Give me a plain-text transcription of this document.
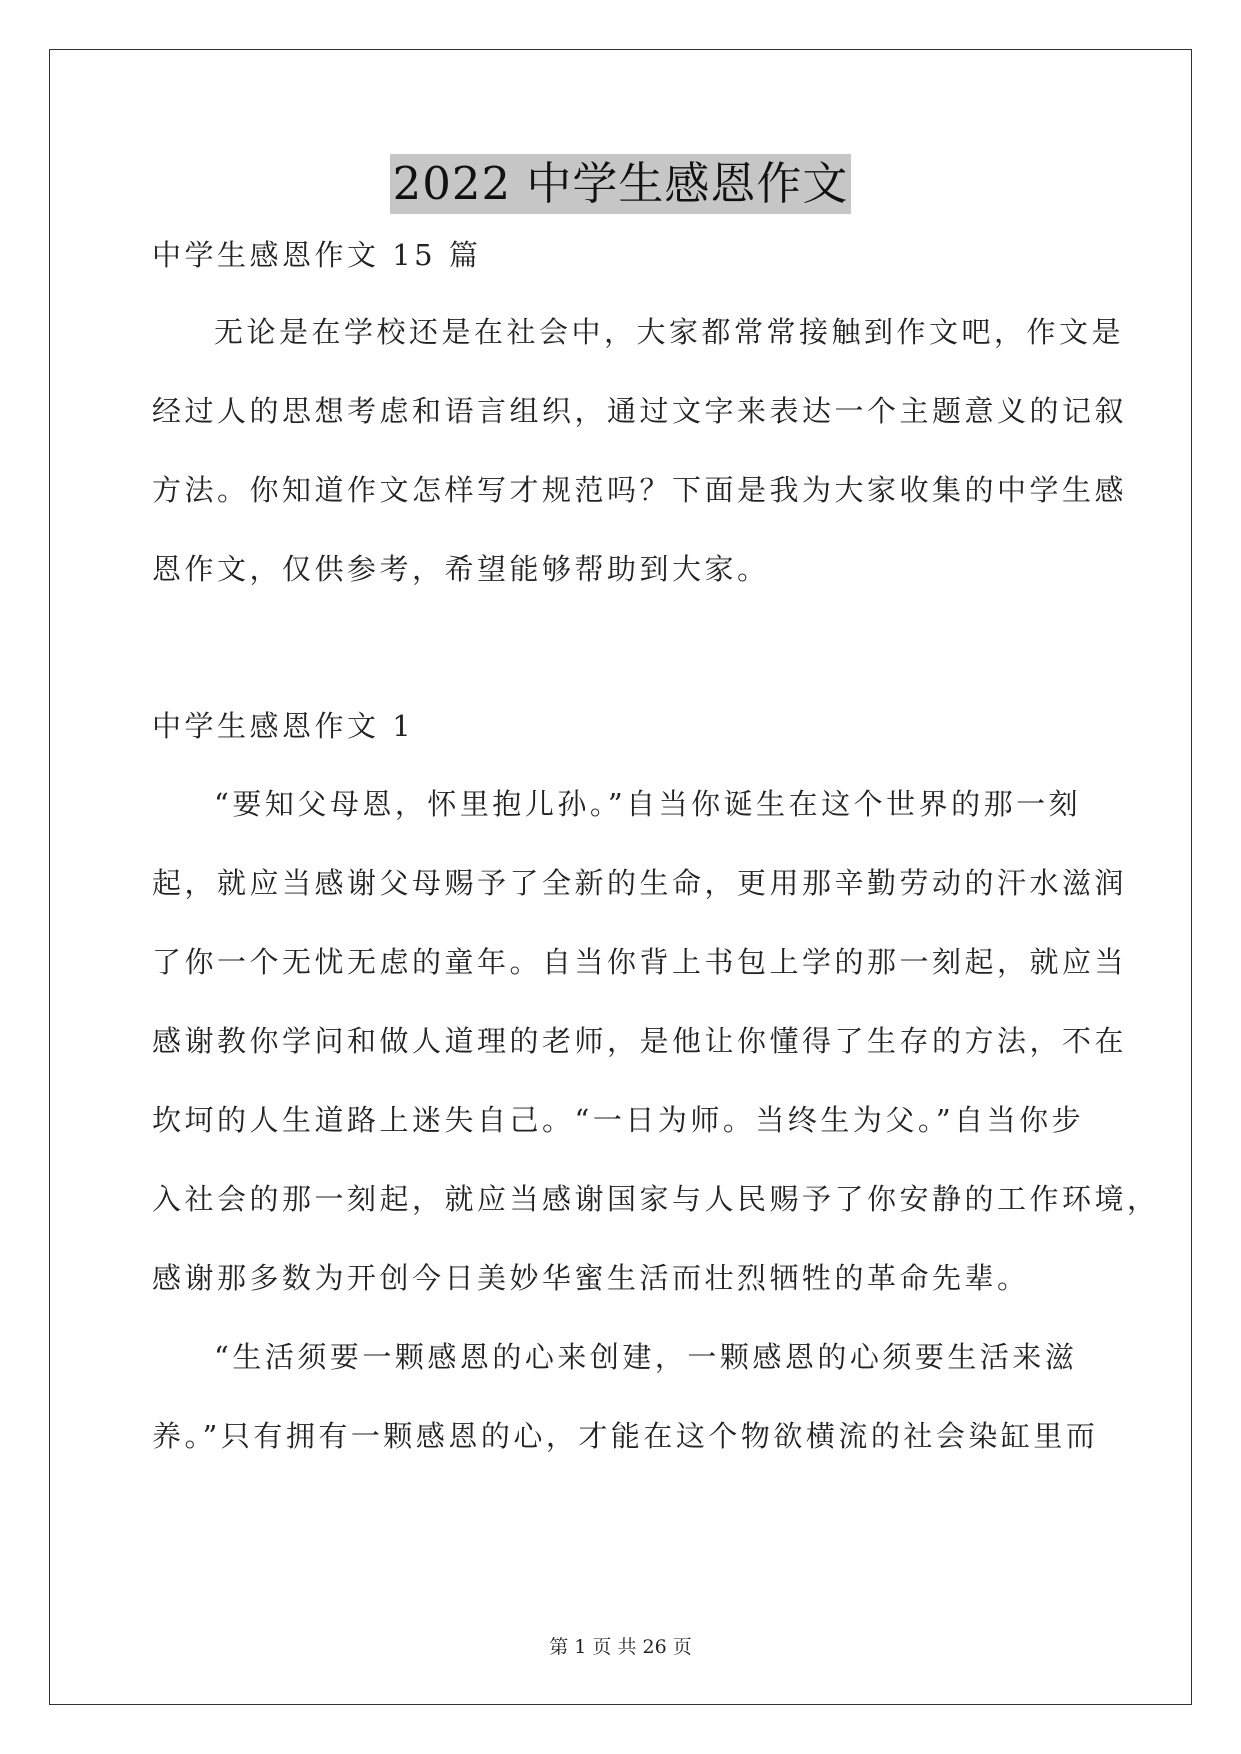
2022 中学生感恩作文

中学生感恩作文 15 篇

无论是在学校还是在社会中，大家都常常接触到作文吧，作文是

经过人的思想考虑和语言组织，通过文字来表达一个主题意义的记叙

方法。你知道作文怎样写才规范吗？下面是我为大家收集的中学生感

恩作文，仅供参考，希望能够帮助到大家。

中学生感恩作文 1

“要知父母恩，怀里抱儿孙。”自当你诞生在这个世界的那一刻

起，就应当感谢父母赐予了全新的生命，更用那辛勤劳动的汗水滋润

了你一个无忧无虑的童年。自当你背上书包上学的那一刻起，就应当

感谢教你学问和做人道理的老师，是他让你懂得了生存的方法，不在

坎坷的人生道路上迷失自己。“一日为师。当终生为父。”自当你步

入社会的那一刻起，就应当感谢国家与人民赐予了你安静的工作环境，

感谢那多数为开创今日美妙华蜜生活而壮烈牺牲的革命先辈。

“生活须要一颗感恩的心来创建，一颗感恩的心须要生活来滋

养。”只有拥有一颗感恩的心，才能在这个物欲横流的社会染缸里而

第 1 页 共 26 页
